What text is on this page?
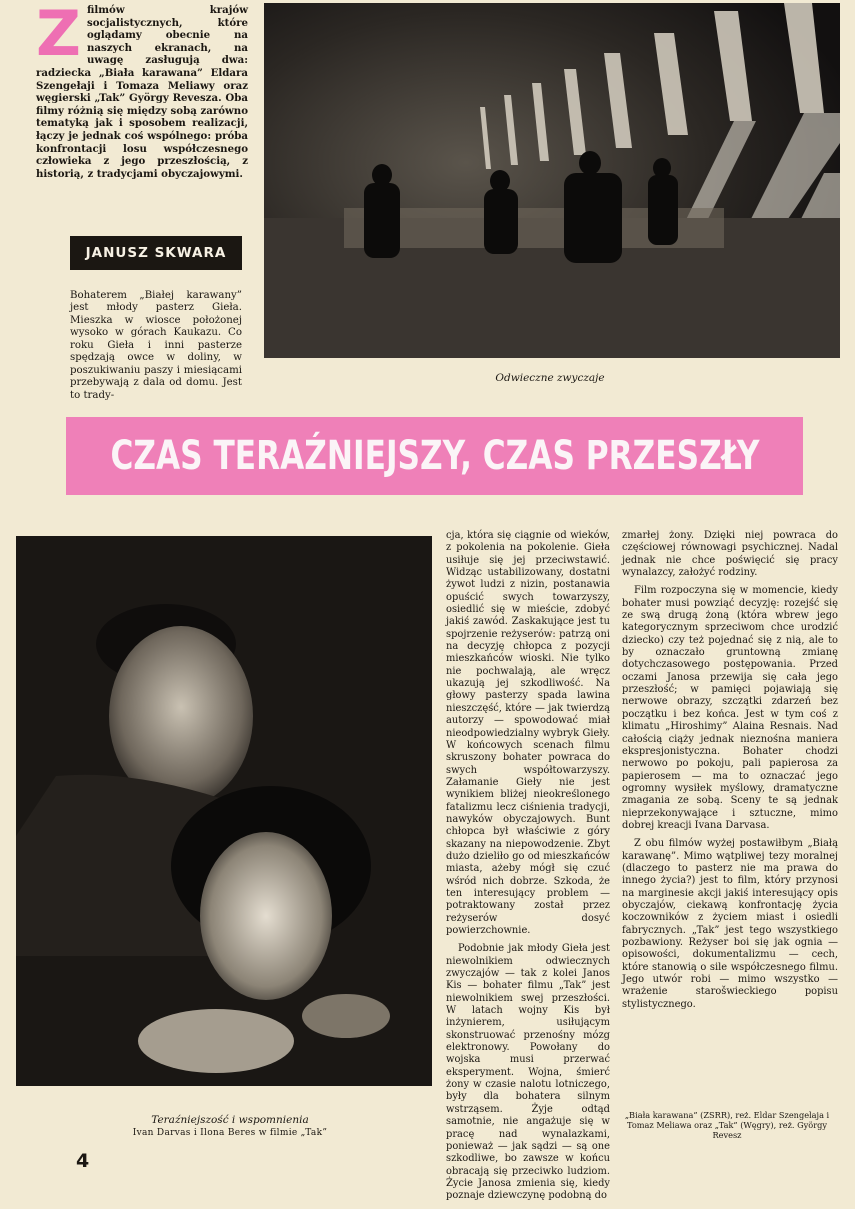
Z filmów krajów socjalistycznych, które oglądamy obecnie na naszych ekranach, na uwagę zasługują dwa: radziecka „Biała karawana” Eldara Szengełaji i Tomaza Meliawy oraz węgierski „Tak” György Revesza. Oba filmy różnią się między sobą zarówno tematyką jak i sposobem realizacji, łączy je jednak coś wspólnego: próba konfrontacji losu współczesnego człowieka z jego przeszłością, z historią, z tradycjami obyczajowymi.
JANUSZ SKWARA

Bohaterem „Białej karawany” jest młody pasterz Gieła. Mieszka w wiosce położonej wysoko w górach Kaukazu. Co roku Gieła i inni pasterze spędzają owce w doliny, w poszukiwaniu paszy i miesiącami przebywają z dala od domu. Jest to trady-

Odwieczne zwyczaje
CZAS TERAŹNIEJSZY, CZAS PRZESZŁY
Teraźniejszość i wspomnienia
Ivan Darvas i Ilona Beres w filmie „Tak”

cja, która się ciągnie od wieków, z pokolenia na pokolenie. Gieła usiłuje się jej przeciwstawić. Widząc ustabilizowany, dostatni żywot ludzi z nizin, postanawia opuścić swych towarzyszy, osiedlić się w mieście, zdobyć jakiś zawód. Zaskakujące jest tu spojrzenie reżyserów: patrzą oni na decyzję chłopca z pozycji mieszkańców wioski. Nie tylko nie pochwalają, ale wręcz ukazują jej szkodliwość. Na głowy pasterzy spada lawina nieszczęść, które — jak twierdzą autorzy — spowodować miał nieodpowiedzialny wybryk Gieły. W końcowych scenach filmu skruszony bohater powraca do swych współtowarzyszy. Załamanie Gieły nie jest wynikiem bliżej nieokreślonego fatalizmu lecz ciśnienia tradycji, nawyków obyczajowych. Bunt chłopca był właściwie z góry skazany na niepowodzenie. Zbyt dużo dzieliło go od mieszkańców miasta, ażeby mógł się czuć wśród nich dobrze. Szkoda, że ten interesujący problem — potraktowany został przez reżyserów dosyć powierzchownie.

Podobnie jak młody Gieła jest niewolnikiem odwiecznych zwyczajów — tak z kolei Janos Kis — bohater filmu „Tak” jest niewolnikiem swej przeszłości. W latach wojny Kis był inżynierem, usiłującym skonstruować przenośny mózg elektronowy. Powołany do wojska musi przerwać eksperyment. Wojna, śmierć żony w czasie nalotu lotniczego, były dla bohatera silnym wstrząsem. Żyje odtąd samotnie, nie angażuje się w pracę nad wynalazkami, ponieważ — jak sądzi — są one szkodliwe, bo zawsze w końcu obracają się przeciwko ludziom. Życie Janosa zmienia się, kiedy poznaje dziewczynę podobną do

zmarłej żony. Dzięki niej powraca do częściowej równowagi psychicznej. Nadal jednak nie chce poświęcić się pracy wynalazcy, założyć rodziny.

Film rozpoczyna się w momencie, kiedy bohater musi powziąć decyzję: rozejść się ze swą drugą żoną (która wbrew jego kategorycznym sprzeciwom chce urodzić dziecko) czy też pojednać się z nią, ale to by oznaczało gruntowną zmianę dotychczasowego postępowania. Przed oczami Janosa przewija się cała jego przeszłość; w pamięci pojawiają się nerwowe obrazy, szczątki zdarzeń bez początku i bez końca. Jest w tym coś z klimatu „Hiroshimy” Alaina Resnais. Nad całością ciąży jednak nieznośna maniera ekspresjonistyczna. Bohater chodzi nerwowo po pokoju, pali papierosa za papierosem — ma to oznaczać jego ogromny wysiłek myślowy, dramatyczne zmagania ze sobą. Sceny te są jednak nieprzekonywające i sztuczne, mimo dobrej kreacji Ivana Darvasa.

Z obu filmów wyżej postawiłbym „Białą karawanę”. Mimo wątpliwej tezy moralnej (dlaczego to pasterz nie ma prawa do innego życia?) jest to film, który przynosi na marginesie akcji jakiś interesujący opis obyczajów, ciekawą konfrontację życia koczowników z życiem miast i osiedli fabrycznych. „Tak” jest tego wszystkiego pozbawiony. Reżyser boi się jak ognia — opisowości, dokumentalizmu — cech, które stanowią o sile współczesnego filmu. Jego utwór robi — mimo wszystko — wrażenie starošwieckiego popisu stylistycznego.

„Biała karawana” (ZSRR), reż. Eldar Szengelaja i Tomaz Meliawa oraz „Tak” (Węgry), reż. György Revesz
4
